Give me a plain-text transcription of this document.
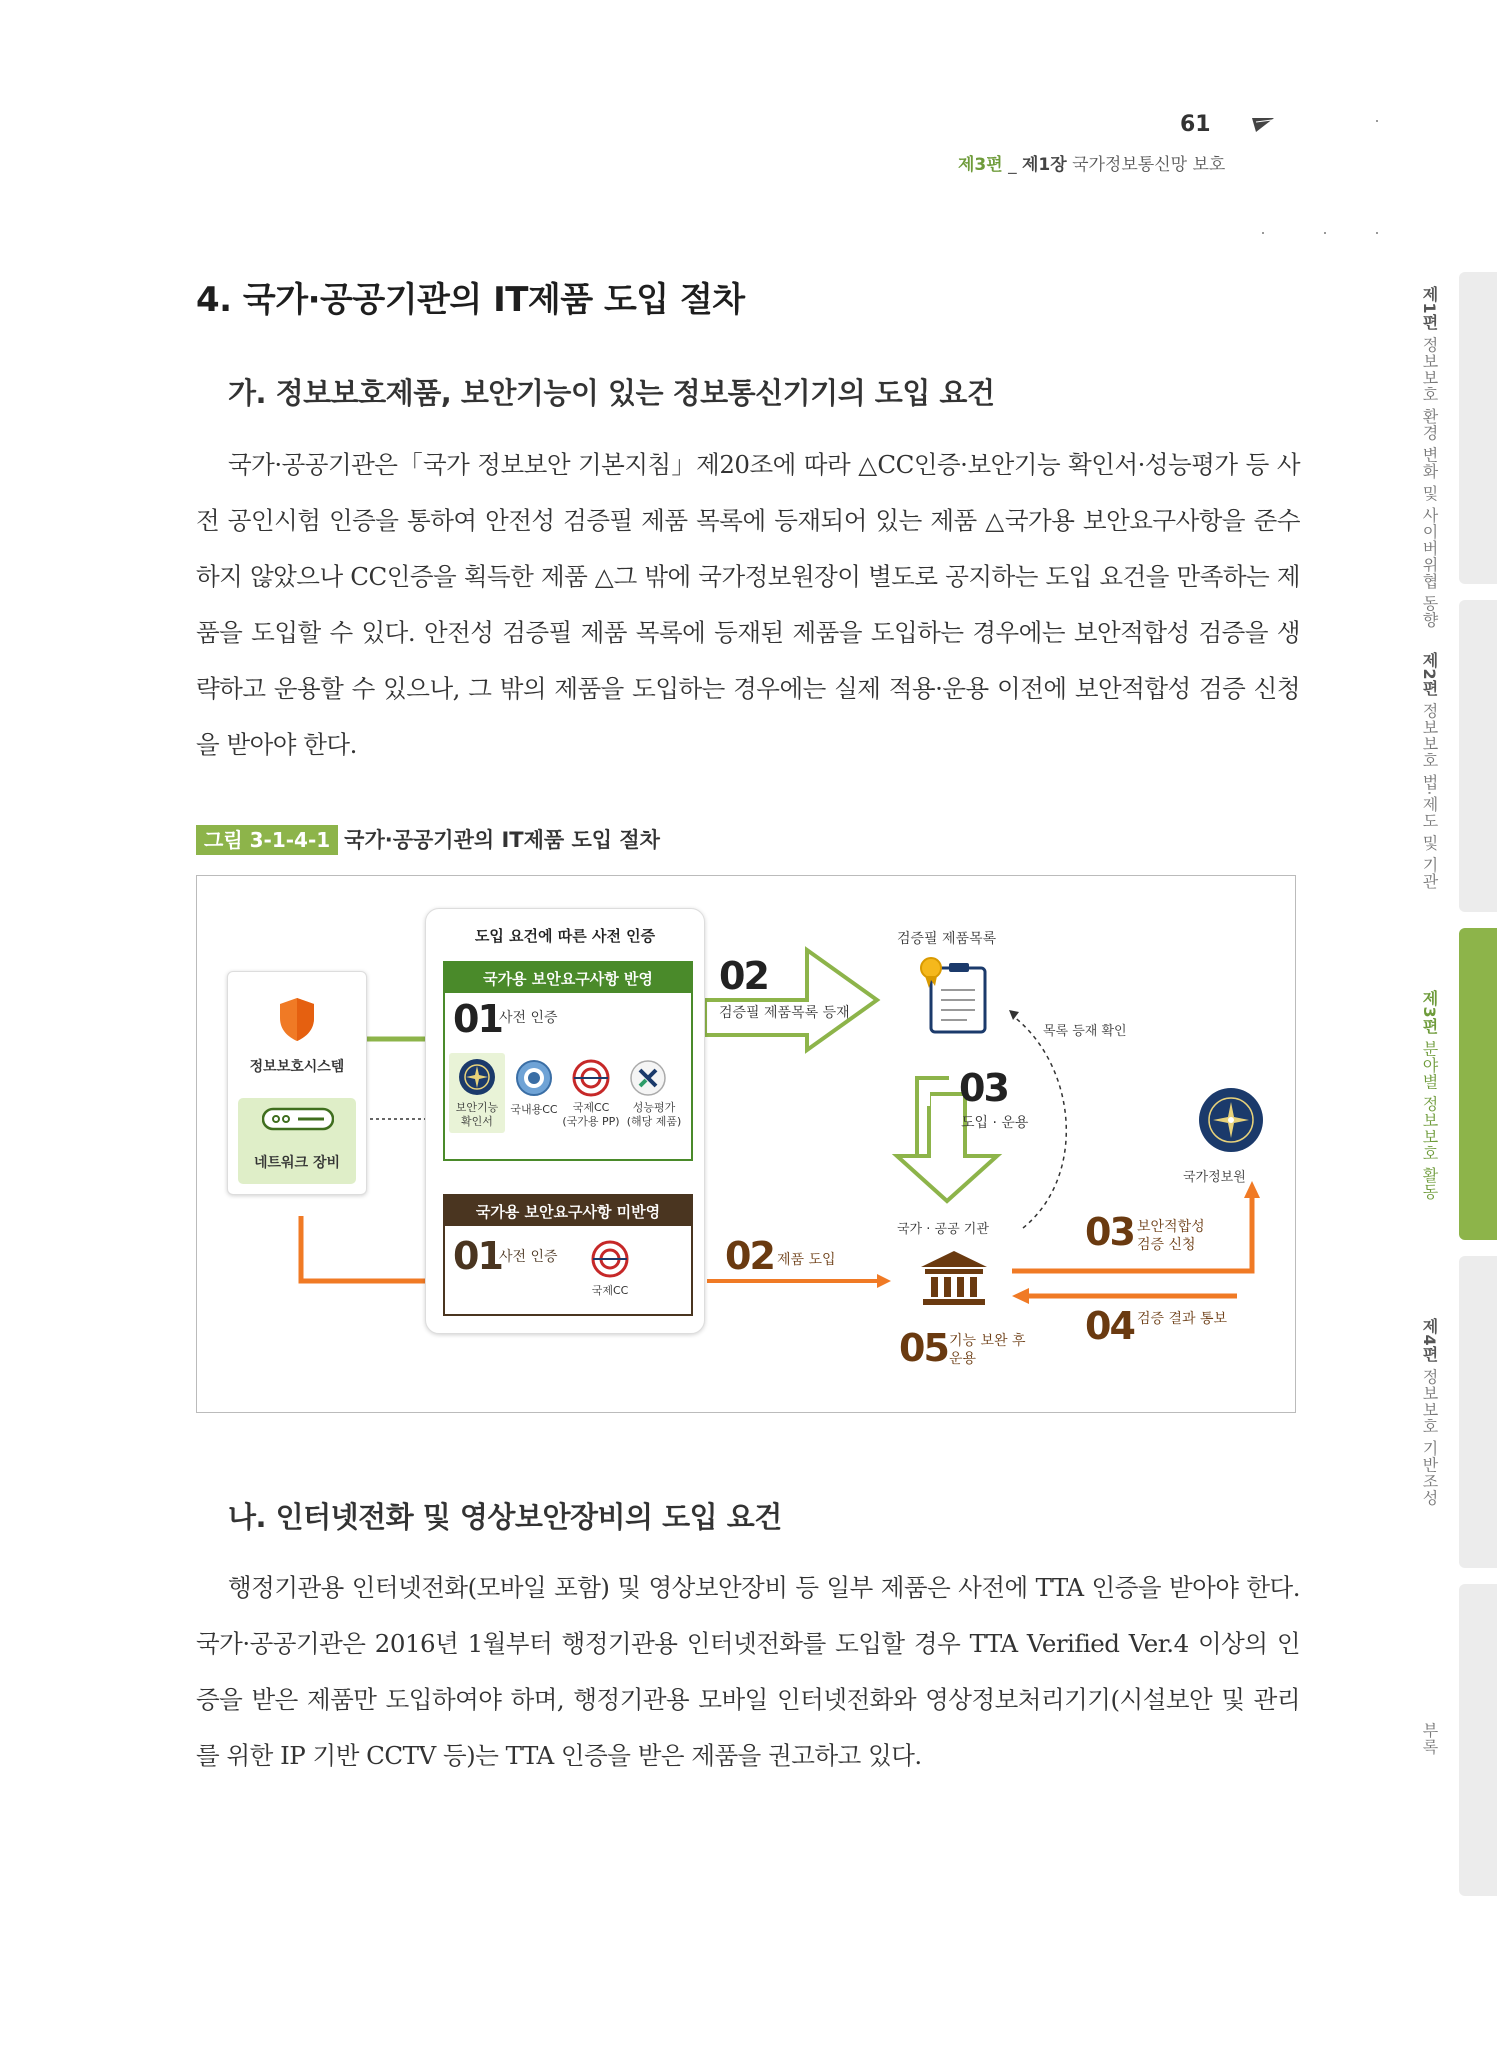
61
제3편 _ 제1장 국가정보통신망 보호
제1편 정보보호 환경 변화 및 사이버위협 동향
제2편 정보보호 법·제도 및 기관
제3편 분야별 정보보호 활동
제4편 정보보호 기반조성
부록
4. 국가·공공기관의 IT제품 도입 절차
가. 정보보호제품, 보안기능이 있는 정보통신기기의 도입 요건

국가·공공기관은「국가 정보보안 기본지침」제20조에 따라 △CC인증·보안기능 확인서·성능평가 등 사전 공인시험 인증을 통하여 안전성 검증필 제품 목록에 등재되어 있는 제품 △국가용 보안요구사항을 준수하지 않았으나 CC인증을 획득한 제품 △그 밖에 국가정보원장이 별도로 공지하는 도입 요건을 만족하는 제품을 도입할 수 있다. 안전성 검증필 제품 목록에 등재된 제품을 도입하는 경우에는 보안적합성 검증을 생략하고 운용할 수 있으나, 그 밖의 제품을 도입하는 경우에는 실제 적용·운용 이전에 보안적합성 검증 신청을 받아야 한다.

그림 3-1-4-1 국가·공공기관의 IT제품 도입 절차
정보보호시스템
네트워크 장비
도입 요건에 따른 사전 인증
국가용 보안요구사항 반영
01
사전 인증
보안기능
확인서
국내용CC	국제CC
(국가용 PP)
성능평가
(해당 제품)
국가용 보안요구사항 미반영
01
사전 인증
국제CC
02
검증필 제품목록 등재
02 제품 도입
검증필 제품목록
목록 등재 확인
03
도입 · 운용
국가정보원
국가 · 공공 기관	03 보안적합성
검증 신청
04 검증 결과 통보
05 기능 보완 후
운용
나. 인터넷전화 및 영상보안장비의 도입 요건

행정기관용 인터넷전화(모바일 포함) 및 영상보안장비 등 일부 제품은 사전에 TTA 인증을 받아야 한다. 국가·공공기관은 2016년 1월부터 행정기관용 인터넷전화를 도입할 경우 TTA Verified Ver.4 이상의 인증을 받은 제품만 도입하여야 하며, 행정기관용 모바일 인터넷전화와 영상정보처리기기(시설보안 및 관리를 위한 IP 기반 CCTV 등)는 TTA 인증을 받은 제품을 권고하고 있다.
